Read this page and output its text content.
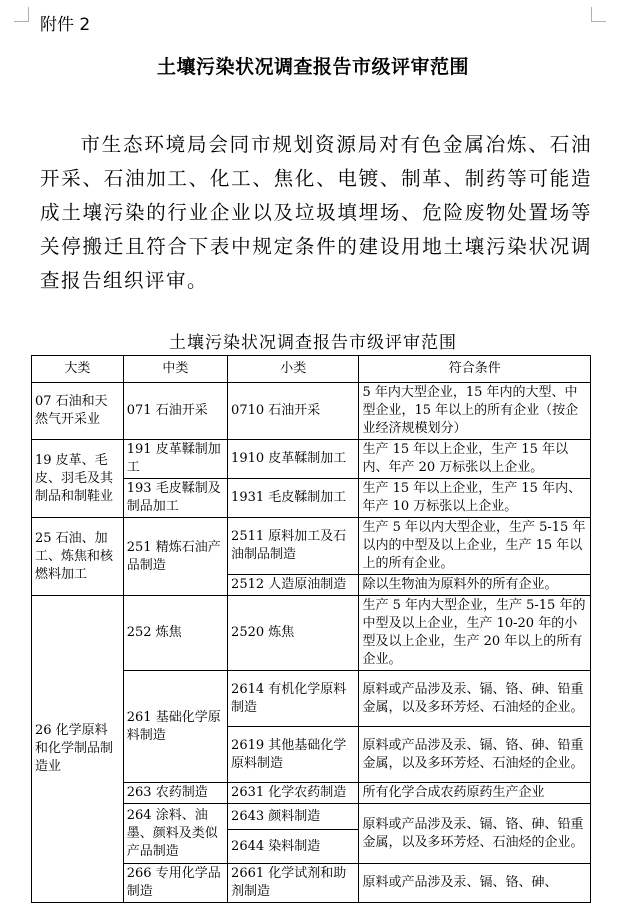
附件 2
土壤污染状况调查报告市级评审范围
市生态环境局会同市规划资源局对有色金属冶炼、石油开采、石油加工、化工、焦化、电镀、制革、制药等可能造成土壤污染的行业企业以及垃圾填埋场、危险废物处置场等关停搬迁且符合下表中规定条件的建设用地土壤污染状况调查报告组织评审。
土壤污染状况调查报告市级评审范围
大类	中类	小类	符合条件
07 石油和天然气开采业	071 石油开采	0710 石油开采	5 年内大型企业，15 年内的大型、中型企业，15 年以上的所有企业（按企业经济规模划分）
19 皮革、毛皮、羽毛及其制品和制鞋业	191 皮革鞣制加工	1910 皮革鞣制加工	生产 15 年以上企业，生产 15 年以内、年产 20 万标张以上企业。
	193 毛皮鞣制及制品加工	1931 毛皮鞣制加工	生产 15 年以上企业，生产 15 年内、年产 10 万标张以上企业。
25 石油、加工、炼焦和核燃料加工	251 精炼石油产品制造	2511 原料加工及石油制品制造	生产 5 年以内大型企业，生产 5-15 年以内的中型及以上企业，生产 15 年以上的所有企业。
		2512 人造原油制造	除以生物油为原料外的所有企业。
26 化学原料和化学制品制造业	252 炼焦	2520 炼焦	生产 5 年内大型企业，生产 5-15 年的中型及以上企业，生产 10-20 年的小型及以上企业，生产 20 年以上的所有企业。
	261 基础化学原料制造	2614 有机化学原料制造	原料或产品涉及汞、镉、铬、砷、铅重金属，以及多环芳烃、石油烃的企业。
		2619 其他基础化学原料制造	原料或产品涉及汞、镉、铬、砷、铅重金属，以及多环芳烃、石油烃的企业。
	263 农药制造	2631 化学农药制造	所有化学合成农药原药生产企业
	264 涂料、油墨、颜料及类似产品制造	2643 颜料制造	原料或产品涉及汞、镉、铬、砷、铅重金属，以及多环芳烃、石油烃的企业。
		2644 染料制造	
	266 专用化学品制造	2661 化学试剂和助剂制造	原料或产品涉及汞、镉、铬、砷、
